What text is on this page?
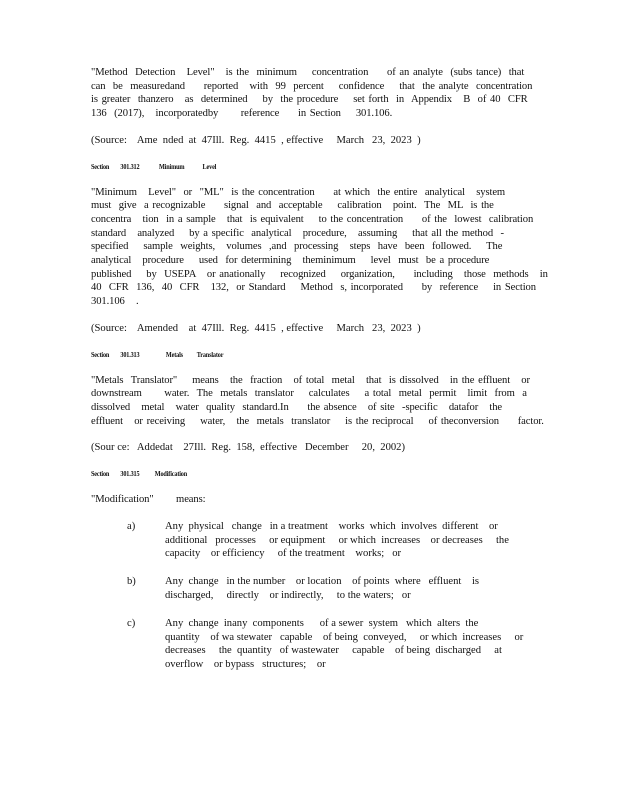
"Method  Detection   Level"   is the  minimum    concentration     of an analyte  (subs tance)  that
can  be  measuredand     reported   with  99  percent    confidence    that  the analyte  concentration
is greater  thanzero   as  determined    by  the procedure    set forth  in  Appendix   B  of 40  CFR
136  (2017),   incorporatedby      reference     in Section    301.106.
(Source:    Ame  nded  at  47Ill.  Reg.  4415  , effective     March   23,  2023  )
Section        301.312              Minimum             Level
"Minimum   Level"  or  "ML"  is the concentration     at which  the entire  analytical   system
must  give  a recognizable     signal  and  acceptable    calibration   point.  The  ML  is the
concentra   tion  in a sample   that  is equivalent    to the concentration     of the  lowest  calibration
standard   analyzed    by a specific  analytical   procedure,   assuming    that all the method  -
specified    sample  weights,   volumes  ,and  processing   steps  have  been  followed.    The
analytical   procedure    used  for determining   theminimum    level  must  be a procedure
published    by  USEPA   or anationally    recognized    organization,     including   those  methods   in
40  CFR  136,  40  CFR   132,  or Standard    Method  s, incorporated     by  reference    in Section
301.106   .
(Source:    Amended    at  47Ill.  Reg.  4415  , effective     March   23,  2023  )
Section        301.313                   Metals          Translator
"Metals  Translator"    means   the  fraction   of total  metal   that  is dissolved   in the effluent   or
downstream      water.  The  metals  translator    calculates    a total  metal  permit   limit  from  a
dissolved   metal   water  quality  standard.In     the absence   of site  -specific   datafor   the
effluent   or receiving    water,   the  metals  translator    is the reciprocal    of theconversion     factor.
(Sour ce:   Addedat    27Ill.  Reg.  158,  effective   December     20,  2002)
Section        301.315           Modification
"Modification"      means:
a)	Any  physical   change   in a treatment    works  which  involves  different    or
additional   processes     or equipment     or which  increases    or decreases     the
capacity    or efficiency     of the treatment    works;   or
b)	Any  change   in the number    or location    of points  where   effluent    is
discharged,     directly    or indirectly,     to the waters;   or
c)	Any  change  inany  components      of a sewer  system   which  alters  the
quantity    of wa stewater   capable    of being  conveyed,     or which  increases     or
decreases     the  quantity   of wastewater     capable    of being  discharged     at
overflow    or bypass   structures;    or
